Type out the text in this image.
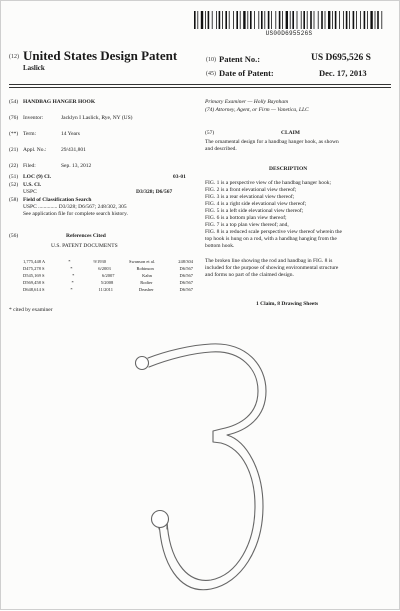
US00D695526S
(12) United States Design Patent
Laslick
(10) Patent No.:	US D695,526 S
(45) Date of Patent:	Dec. 17, 2013
(54) HANDBAG HANGER HOOK
(76) Inventor:	Jacklyn I Laslick, Rye, NY (US)
(**) Term:	14 Years
(21) Appl. No.:	29/431,801
(22) Filed:	Sep. 13, 2012
(51) LOC (9) Cl.	03-01
(52) U.S. Cl.
USPC	D3/328; D6/567
(58) Field of Classification Search
USPC .............. D3/328; D6/567; 248/302, 305
See application file for complete search history.
(56)	References Cited
U.S. PATENT DOCUMENTS
1,775,448 A	*	9/1930	Swanson et al.	248/304
D475,278 S	*	6/2003	Robinson	D6/567
D545,169 S	*	6/2007	Kahn	D6/567
D569,458 S	*	5/2008	Rodier	D6/567
D648,614 S	*	11/2011	Deasher	D6/567
* cited by examiner
Primary Examiner — Holly Baynham
(74) Attorney, Agent, or Firm — Vanetica, LLC
(57)	CLAIM
The ornamental design for a handbag hanger hook, as shown
and described.
DESCRIPTION
FIG. 1 is a perspective view of the handbag hanger hook;
FIG. 2 is a front elevational view thereof;
FIG. 3 is a rear elevational view thereof;
FIG. 4 is a right side elevational view thereof;
FIG. 5 is a left side elevational view thereof;
FIG. 6 is a bottom plan view thereof;
FIG. 7 is a top plan view thereof; and,
FIG. 8 is a reduced scale perspective view thereof wherein the
top hook is hung on a rod, with a handbag hanging from the
bottom hook.
The broken line showing the rod and handbag in FIG. 8 is
included for the purpose of showing environmental structure
and forms no part of the claimed design.
1 Claim, 8 Drawing Sheets
